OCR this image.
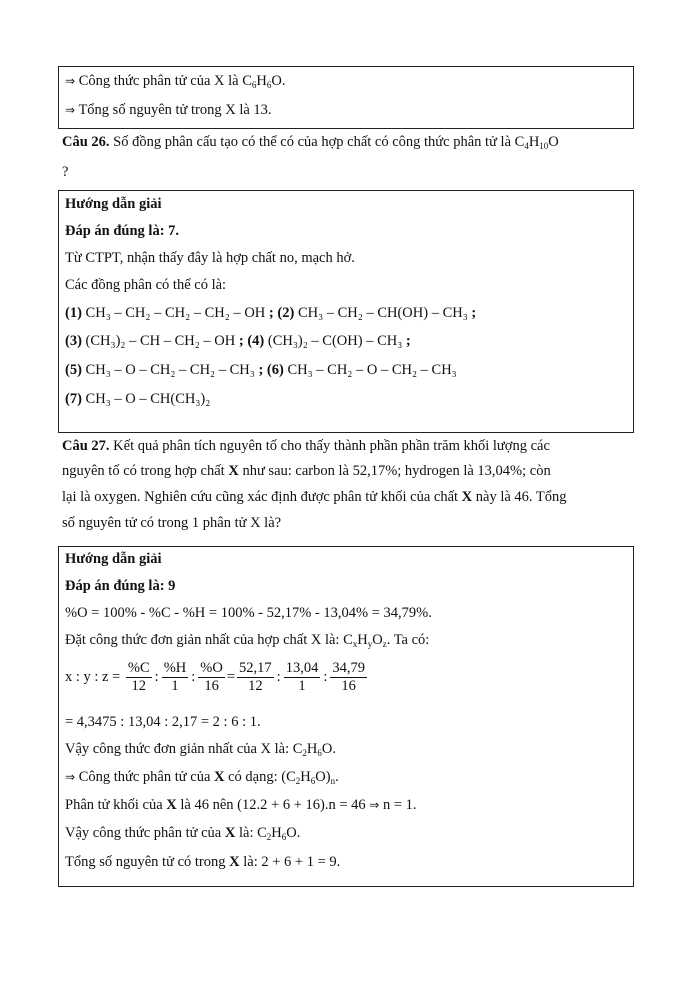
⇒ Công thức phân tử của X là $C_6H_6O$.
⇒ Tổng số nguyên tử trong X là 13.
Câu 26. Số đồng phân cấu tạo có thể có của hợp chất có công thức phân tử là $C_4H_{10}O$
?
Hướng dẫn giải
Đáp án đúng là: 7.
Từ CTPT, nhận thấy đây là hợp chất no, mạch hở.
Các đồng phân có thể có là:
(1) CH₃ – CH₂ – CH₂ – CH₂ – OH ; (2) CH₃ – CH₂ – CH(OH) – CH₃ ;
(3) (CH₃)₂ – CH – CH₂ – OH ; (4) (CH₃)₂ – C(OH) – CH₃ ;
(5) CH₃ – O – CH₂ – CH₂ – CH₃ ; (6) CH₃ – CH₂ – O – CH₂ – CH₃
(7) CH₃ – O – CH(CH₃)₂
Câu 27. Kết quả phân tích nguyên tố cho thấy thành phần phần trăm khối lượng các
nguyên tố có trong hợp chất X như sau: carbon là 52,17%; hydrogen là 13,04%; còn
lại là oxygen. Nghiên cứu cũng xác định được phân tử khối của chất X này là 46. Tổng
số nguyên tử có trong 1 phân tử X là?
Hướng dẫn giải
Đáp án đúng là: 9
%O = 100% - %C - %H = 100% - 52,17% - 13,04% = 34,79%.
Đặt công thức đơn giản nhất của hợp chất X là: $C_xH_yO_z$. Ta có:
x : y : $z = \frac{\%C}{12}$ : $\frac{\%H}{1}$ : $\frac{\%O}{16} = \frac{52,17}{12}$ : $\frac{13,04}{1}$ : $\frac{34,79}{16}$
= 4,3475 : 13,04 : 2,17 = 2 : 6 : 1.
Vậy công thức đơn giản nhất của X là: $C_2H_6O$.
⇒ Công thức phân tử của X có dạng: $(C_2H_6O)_n$.
Phân tử khối của X là 46 nên (12.2 + 6 + 16).n = 46 ⇒ n = 1.
Vậy công thức phân tử của X là: $C_2H_6O$.
Tổng số nguyên tử có trong X là: 2 + 6 + 1 = 9.
